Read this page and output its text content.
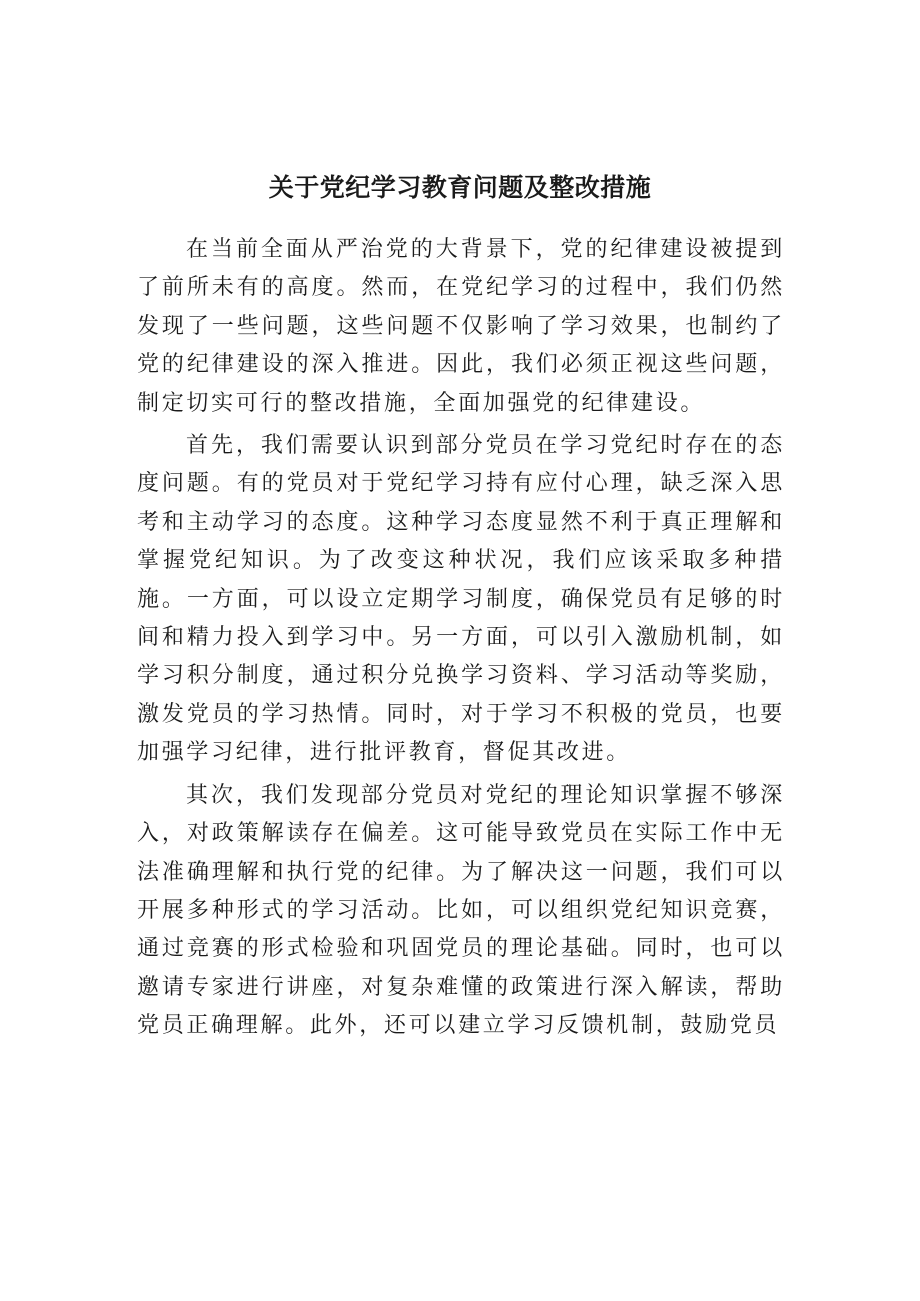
关于党纪学习教育问题及整改措施

在当前全面从严治党的大背景下，党的纪律建设被提到了前所未有的高度。然而，在党纪学习的过程中，我们仍然发现了一些问题，这些问题不仅影响了学习效果，也制约了党的纪律建设的深入推进。因此，我们必须正视这些问题，制定切实可行的整改措施，全面加强党的纪律建设。

首先，我们需要认识到部分党员在学习党纪时存在的态度问题。有的党员对于党纪学习持有应付心理，缺乏深入思考和主动学习的态度。这种学习态度显然不利于真正理解和掌握党纪知识。为了改变这种状况，我们应该采取多种措施。一方面，可以设立定期学习制度，确保党员有足够的时间和精力投入到学习中。另一方面，可以引入激励机制，如学习积分制度，通过积分兑换学习资料、学习活动等奖励，激发党员的学习热情。同时，对于学习不积极的党员，也要加强学习纪律，进行批评教育，督促其改进。

其次，我们发现部分党员对党纪的理论知识掌握不够深入，对政策解读存在偏差。这可能导致党员在实际工作中无法准确理解和执行党的纪律。为了解决这一问题，我们可以开展多种形式的学习活动。比如，可以组织党纪知识竞赛，通过竞赛的形式检验和巩固党员的理论基础。同时，也可以邀请专家进行讲座，对复杂难懂的政策进行深入解读，帮助党员正确理解。此外，还可以建立学习反馈机制，鼓励党员
